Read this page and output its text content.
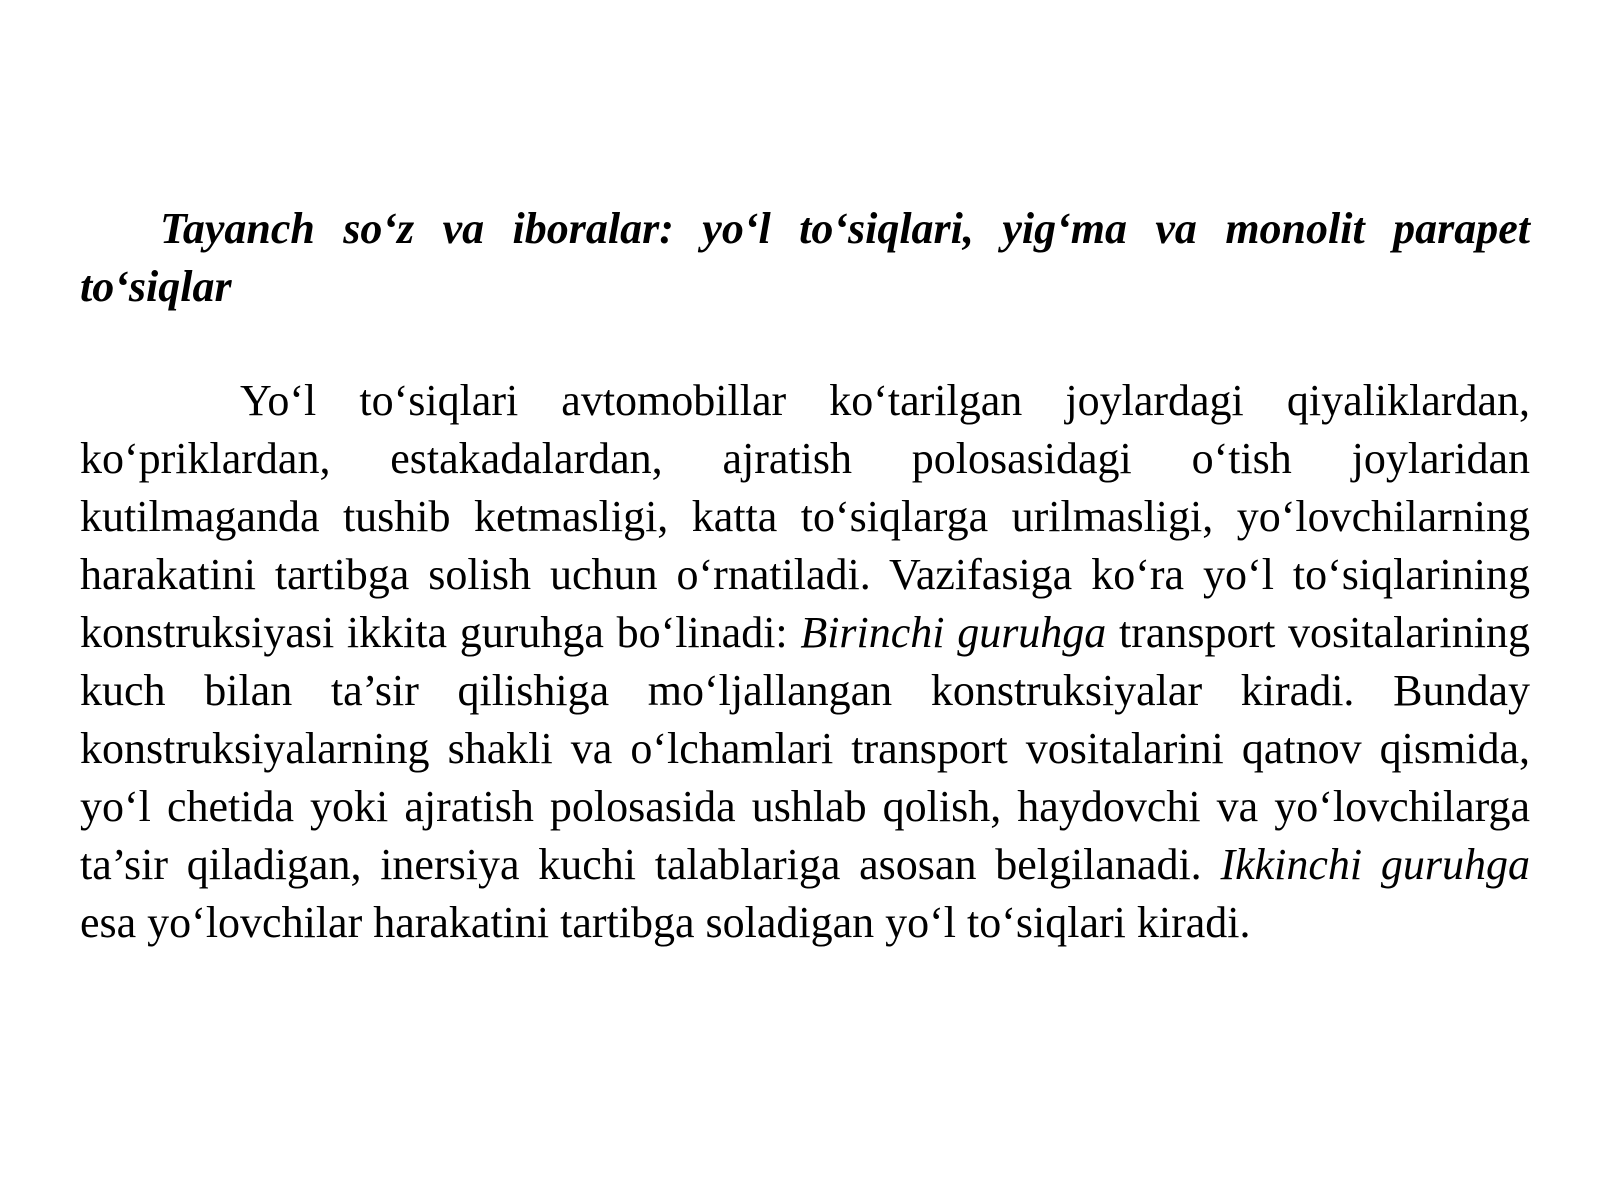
Tayanch so‘z va iboralar: yo‘l to‘siqlari, yig‘ma va monolit parapet to‘siqlar

Yo‘l to‘siqlari avtomobillar ko‘tarilgan joylardagi qiyaliklardan, ko‘priklardan, estakadalardan, ajratish polosasidagi o‘tish joylaridan kutilmaganda tushib ketmasligi, katta to‘siqlarga urilmasligi, yo‘lovchilarning harakatini tartibga solish uchun o‘rnatiladi. Vazifasiga ko‘ra yo‘l to‘siqlarining konstruksiyasi ikkita guruhga bo‘linadi: Birinchi guruhga transport vositalarining kuch bilan ta’sir qilishiga mo‘ljallangan konstruksiyalar kiradi. Bunday konstruksiyalarning shakli va o‘lchamlari transport vositalarini qatnov qismida, yo‘l chetida yoki ajratish polosasida ushlab qolish, haydovchi va yo‘lovchilarga ta’sir qiladigan, inersiya kuchi talablariga asosan belgilanadi. Ikkinchi guruhga esa yo‘lovchilar harakatini tartibga soladigan yo‘l to‘siqlari kiradi.
